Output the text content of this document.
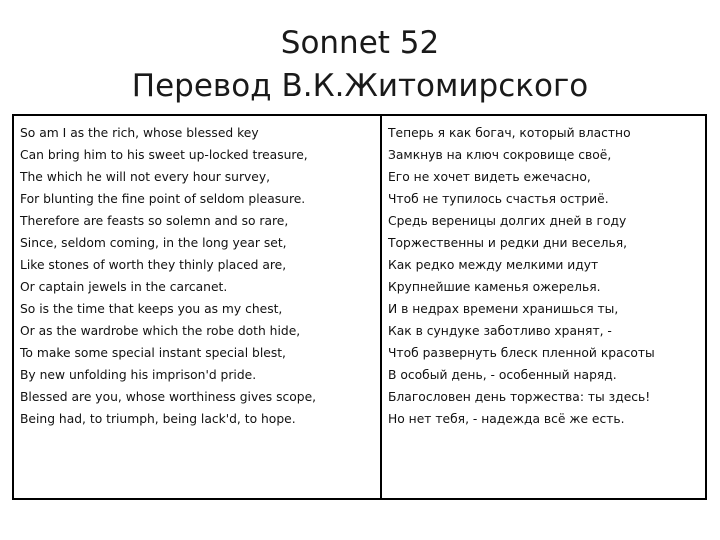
Sonnet 52
Перевод В.К.Житомирского
So am I as the rich, whose blessed key
Can bring him to his sweet up-locked treasure,
The which he will not every hour survey,
For blunting the fine point of seldom pleasure.
Therefore are feasts so solemn and so rare,
Since, seldom coming, in the long year set,
Like stones of worth they thinly placed are,
Or captain jewels in the carcanet.
So is the time that keeps you as my chest,
Or as the wardrobe which the robe doth hide,
To make some special instant special blest,
By new unfolding his imprison'd pride.
Blessed are you, whose worthiness gives scope,
Being had, to triumph, being lack'd, to hope.
Теперь я как богач, который властно
Замкнув на ключ сокровище своё,
Его не хочет видеть ежечасно,
Чтоб не тупилось счастья остриё.
Средь вереницы долгих дней в году
Торжественны и редки дни веселья,
Как редко между мелкими идут
Крупнейшие каменья ожерелья.
И в недрах времени хранишься ты,
Как в сундуке заботливо хранят, -
Чтоб развернуть блеск пленной красоты
В особый день, - особенный наряд.
Благословен день торжества: ты здесь!
Но нет тебя, - надежда всё же есть.
